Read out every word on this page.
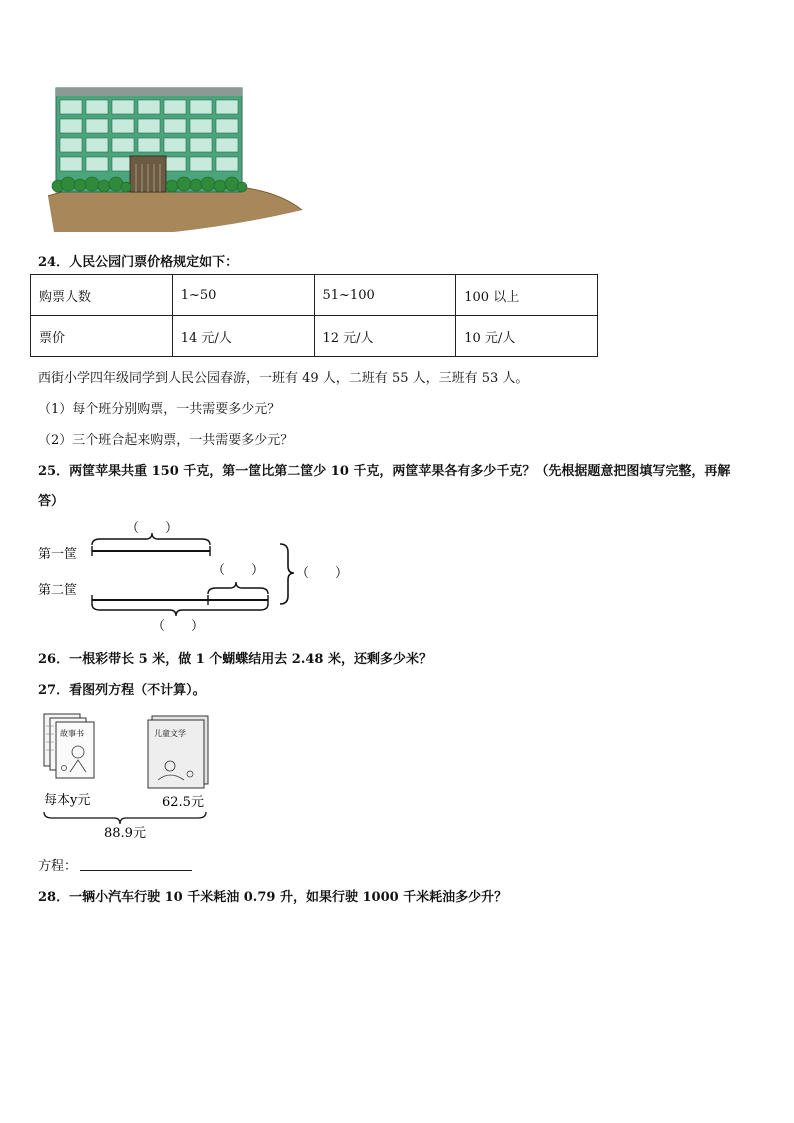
24．人民公园门票价格规定如下：
购票人数	1~50	51~100	100 以上
票价	14 元/人	12 元/人	10 元/人
西街小学四年级同学到人民公园春游，一班有 49 人，二班有 55 人，三班有 53 人。
（1）每个班分别购票，一共需要多少元？
（2）三个班合起来购票，一共需要多少元？
25．两筐苹果共重 150 千克，第一筐比第二筐少 10 千克，两筐苹果各有多少千克？（先根据题意把图填写完整，再解
答）
（　　）
第一筐
（　　）
第二筐
（　　）
（　　）
26．一根彩带长 5 米，做 1 个蝴蝶结用去 2.48 米，还剩多少米？
27．看图列方程（不计算）。
故事书
每本y元
儿童文学
62.5元
88.9元
方程：
28．一辆小汽车行驶 10 千米耗油 0.79 升，如果行驶 1000 千米耗油多少升？
